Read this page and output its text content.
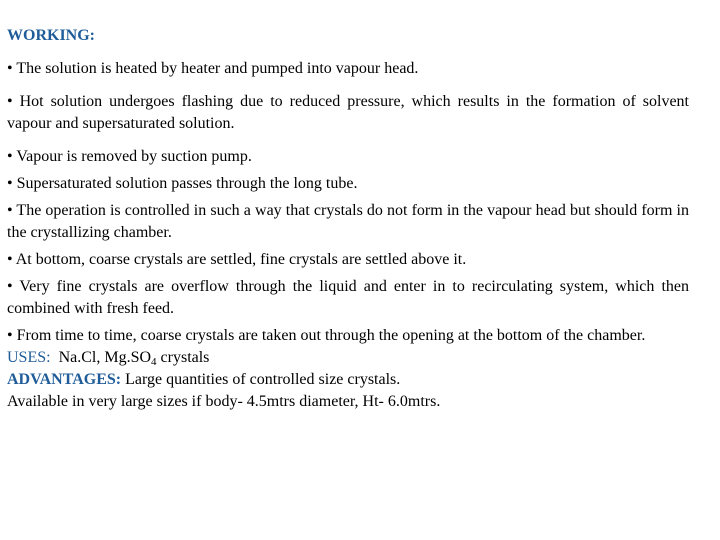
WORKING:

• The solution is heated by heater and pumped into vapour head.

• Hot solution undergoes flashing due to reduced pressure, which results in the formation of solvent vapour and supersaturated solution.

• Vapour is removed by suction pump.

• Supersaturated solution passes through the long tube.

• The operation is controlled in such a way that crystals do not form in the vapour head but should form in the crystallizing chamber.

• At bottom, coarse crystals are settled, fine crystals are settled above it.

• Very fine crystals are overflow through the liquid and enter in to recirculating system, which then combined with fresh feed.

• From time to time, coarse crystals are taken out through the opening at the bottom of the chamber.

USES: Na.Cl, $Mg.SO_4$ crystals
ADVANTAGES: Large quantities of controlled size crystals.
Available in very large sizes if body- 4.5mtrs diameter, Ht- 6.0mtrs.
